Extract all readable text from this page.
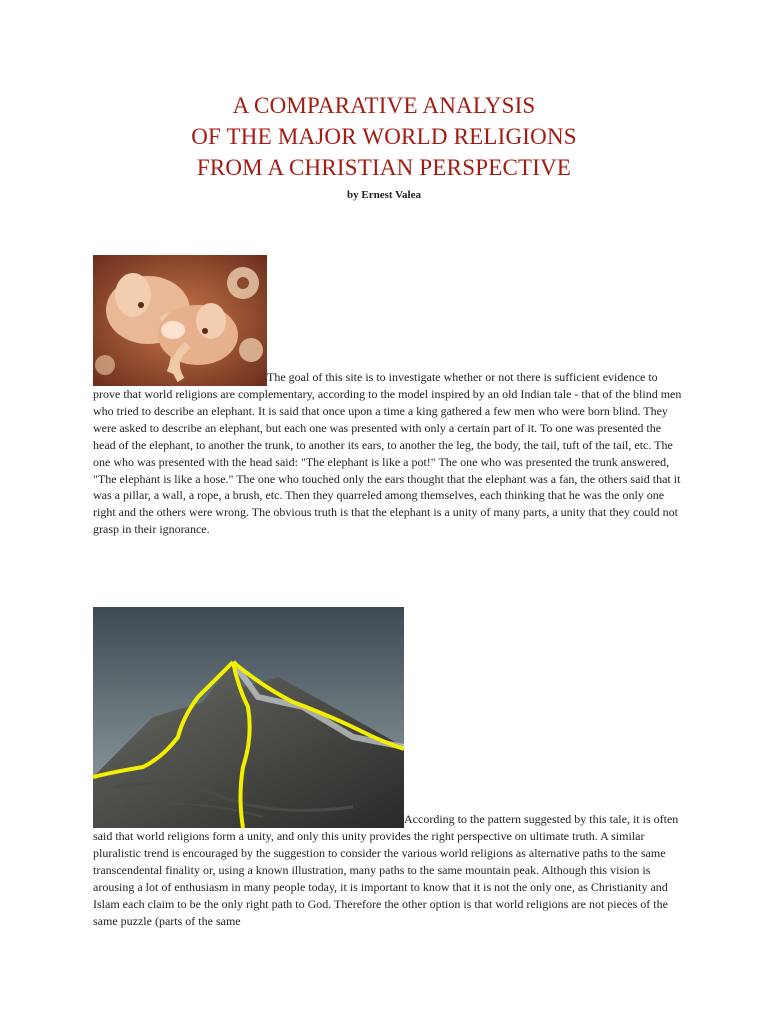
A COMPARATIVE ANALYSIS
OF THE MAJOR WORLD RELIGIONS
FROM A CHRISTIAN PERSPECTIVE
by Ernest Valea
The goal of this site is to investigate whether or not there is sufficient evidence to prove that world religions are complementary, according to the model inspired by an old Indian tale - that of the blind men who tried to describe an elephant. It is said that once upon a time a king gathered a few men who were born blind. They were asked to describe an elephant, but each one was presented with only a certain part of it. To one was presented the head of the elephant, to another the trunk, to another its ears, to another the leg, the body, the tail, tuft of the tail, etc. The one who was presented with the head said: "The elephant is like a pot!" The one who was presented the trunk answered, "The elephant is like a hose." The one who touched only the ears thought that the elephant was a fan, the others said that it was a pillar, a wall, a rope, a brush, etc. Then they quarreled among themselves, each thinking that he was the only one right and the others were wrong. The obvious truth is that the elephant is a unity of many parts, a unity that they could not grasp in their ignorance.
According to the pattern suggested by this tale, it is often said that world religions form a unity, and only this unity provides the right perspective on ultimate truth. A similar pluralistic trend is encouraged by the suggestion to consider the various world religions as alternative paths to the same transcendental finality or, using a known illustration, many paths to the same mountain peak. Although this vision is arousing a lot of enthusiasm in many people today, it is important to know that it is not the only one, as Christianity and Islam each claim to be the only right path to God. Therefore the other option is that world religions are not pieces of the same puzzle (parts of the same
